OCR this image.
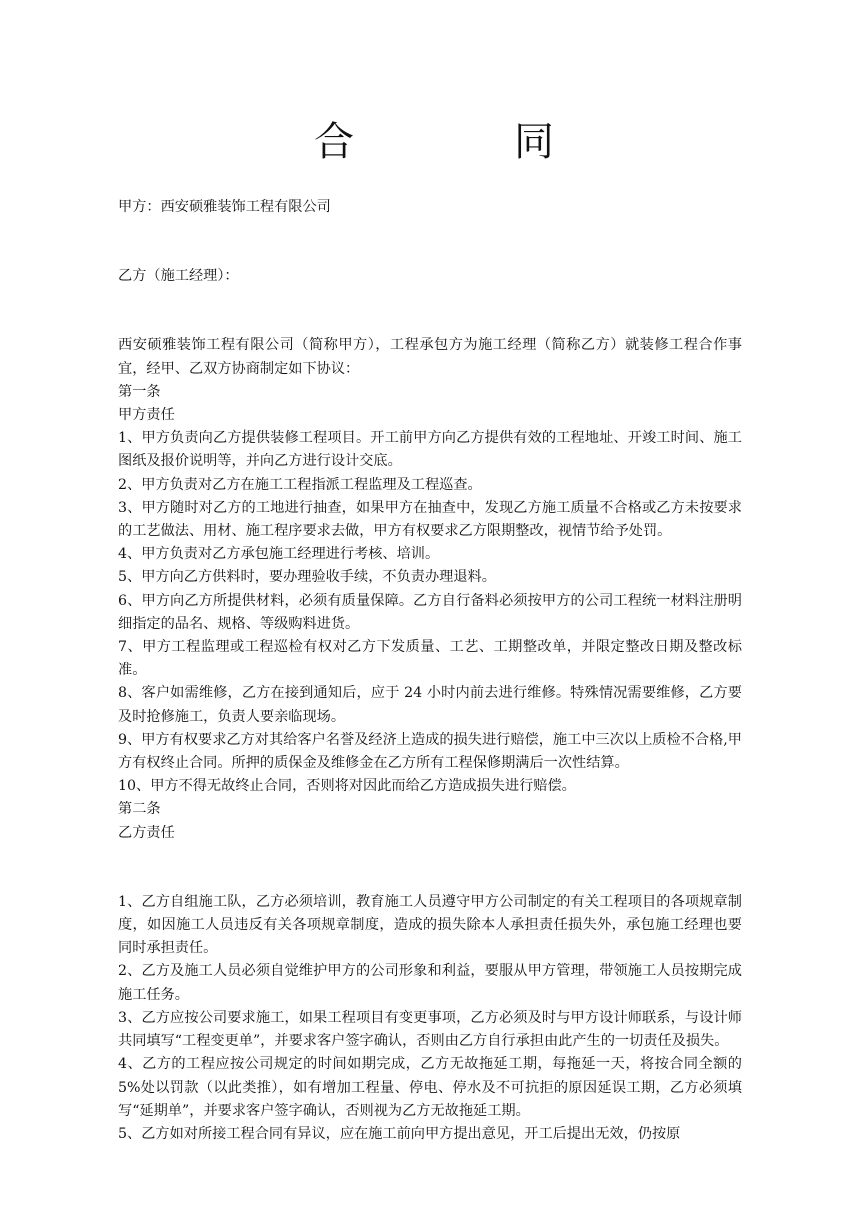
合	同

甲方：西安硕雅装饰工程有限公司

乙方（施工经理）：

西安硕雅装饰工程有限公司（简称甲方），工程承包方为施工经理（简称乙方）就装修工程合作事宜，经甲、乙双方协商制定如下协议：

第一条

甲方责任

1、甲方负责向乙方提供装修工程项目。开工前甲方向乙方提供有效的工程地址、开竣工时间、施工图纸及报价说明等，并向乙方进行设计交底。

2、甲方负责对乙方在施工工程指派工程监理及工程巡查。

3、甲方随时对乙方的工地进行抽查，如果甲方在抽查中，发现乙方施工质量不合格或乙方未按要求的工艺做法、用材、施工程序要求去做，甲方有权要求乙方限期整改，视情节给予处罚。

4、甲方负责对乙方承包施工经理进行考核、培训。

5、甲方向乙方供料时，要办理验收手续，不负责办理退料。

6、甲方向乙方所提供材料，必须有质量保障。乙方自行备料必须按甲方的公司工程统一材料注册明细指定的品名、规格、等级购料进货。

7、甲方工程监理或工程巡检有权对乙方下发质量、工艺、工期整改单，并限定整改日期及整改标准。

8、客户如需维修，乙方在接到通知后，应于 24 小时内前去进行维修。特殊情况需要维修，乙方要及时抢修施工，负责人要亲临现场。

9、甲方有权要求乙方对其给客户名誉及经济上造成的损失进行赔偿，施工中三次以上质检不合格,甲方有权终止合同。所押的质保金及维修金在乙方所有工程保修期满后一次性结算。

10、甲方不得无故终止合同，否则将对因此而给乙方造成损失进行赔偿。

第二条

乙方责任

1、乙方自组施工队，乙方必须培训，教育施工人员遵守甲方公司制定的有关工程项目的各项规章制度，如因施工人员违反有关各项规章制度，造成的损失除本人承担责任损失外，承包施工经理也要同时承担责任。

2、乙方及施工人员必须自觉维护甲方的公司形象和利益，要服从甲方管理，带领施工人员按期完成施工任务。

3、乙方应按公司要求施工，如果工程项目有变更事项，乙方必须及时与甲方设计师联系，与设计师共同填写“工程变更单”，并要求客户签字确认，否则由乙方自行承担由此产生的一切责任及损失。

4、乙方的工程应按公司规定的时间如期完成，乙方无故拖延工期，每拖延一天，将按合同全额的 5%处以罚款（以此类推），如有增加工程量、停电、停水及不可抗拒的原因延误工期，乙方必须填写“延期单”，并要求客户签字确认，否则视为乙方无故拖延工期。

5、乙方如对所接工程合同有异议，应在施工前向甲方提出意见，开工后提出无效，仍按原
